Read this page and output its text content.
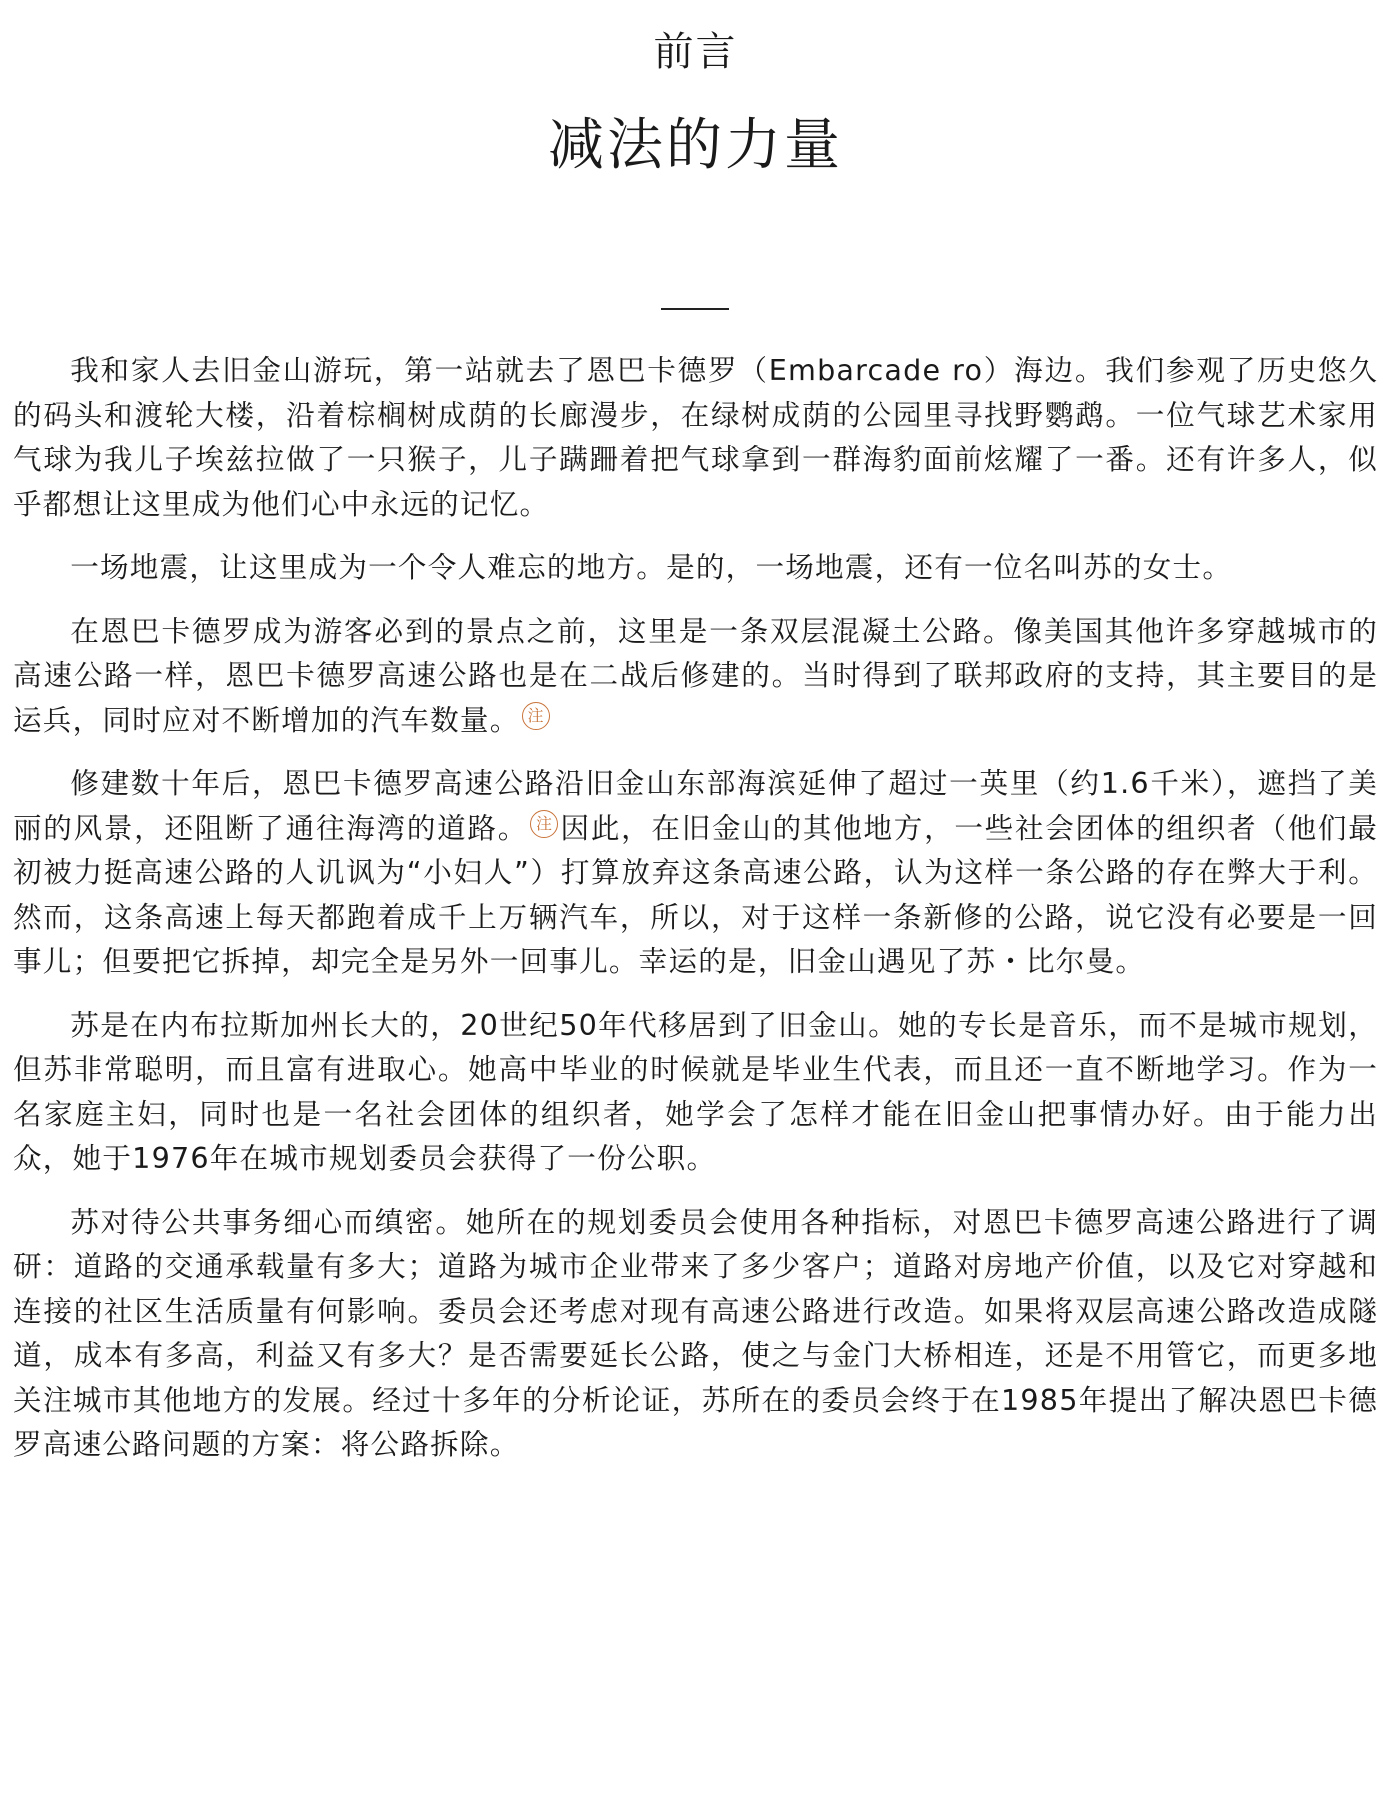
前言
减法的力量

我和家人去旧金山游玩，第一站就去了恩巴卡德罗（Embarcade ro）海边。我们参观了历史悠久的码头和渡轮大楼，沿着棕榈树成荫的长廊漫步，在绿树成荫的公园里寻找野鹦鹉。一位气球艺术家用气球为我儿子埃兹拉做了一只猴子，儿子蹒跚着把气球拿到一群海豹面前炫耀了一番。还有许多人，似乎都想让这里成为他们心中永远的记忆。

一场地震，让这里成为一个令人难忘的地方。是的，一场地震，还有一位名叫苏的女士。

在恩巴卡德罗成为游客必到的景点之前，这里是一条双层混凝土公路。像美国其他许多穿越城市的高速公路一样，恩巴卡德罗高速公路也是在二战后修建的。当时得到了联邦政府的支持，其主要目的是运兵，同时应对不断增加的汽车数量。 注

修建数十年后，恩巴卡德罗高速公路沿旧金山东部海滨延伸了超过一英里（约1.6千米），遮挡了美丽的风景，还阻断了通往海湾的道路。 注 因此，在旧金山的其他地方，一些社会团体的组织者（他们最初被力挺高速公路的人讥讽为“小妇人”）打算放弃这条高速公路，认为这样一条公路的存在弊大于利。然而，这条高速上每天都跑着成千上万辆汽车，所以，对于这样一条新修的公路，说它没有必要是一回事儿；但要把它拆掉，却完全是另外一回事儿。幸运的是，旧金山遇见了苏・比尔曼。

苏是在内布拉斯加州长大的，20世纪50年代移居到了旧金山。她的专长是音乐，而不是城市规划，但苏非常聪明，而且富有进取心。她高中毕业的时候就是毕业生代表，而且还一直不断地学习。作为一名家庭主妇，同时也是一名社会团体的组织者，她学会了怎样才能在旧金山把事情办好。由于能力出众，她于1976年在城市规划委员会获得了一份公职。

苏对待公共事务细心而缜密。她所在的规划委员会使用各种指标，对恩巴卡德罗高速公路进行了调研：道路的交通承载量有多大；道路为城市企业带来了多少客户；道路对房地产价值，以及它对穿越和连接的社区生活质量有何影响。委员会还考虑对现有高速公路进行改造。如果将双层高速公路改造成隧道，成本有多高，利益又有多大？是否需要延长公路，使之与金门大桥相连，还是不用管它，而更多地关注城市其他地方的发展。经过十多年的分析论证，苏所在的委员会终于在1985年提出了解决恩巴卡德罗高速公路问题的方案：将公路拆除。
